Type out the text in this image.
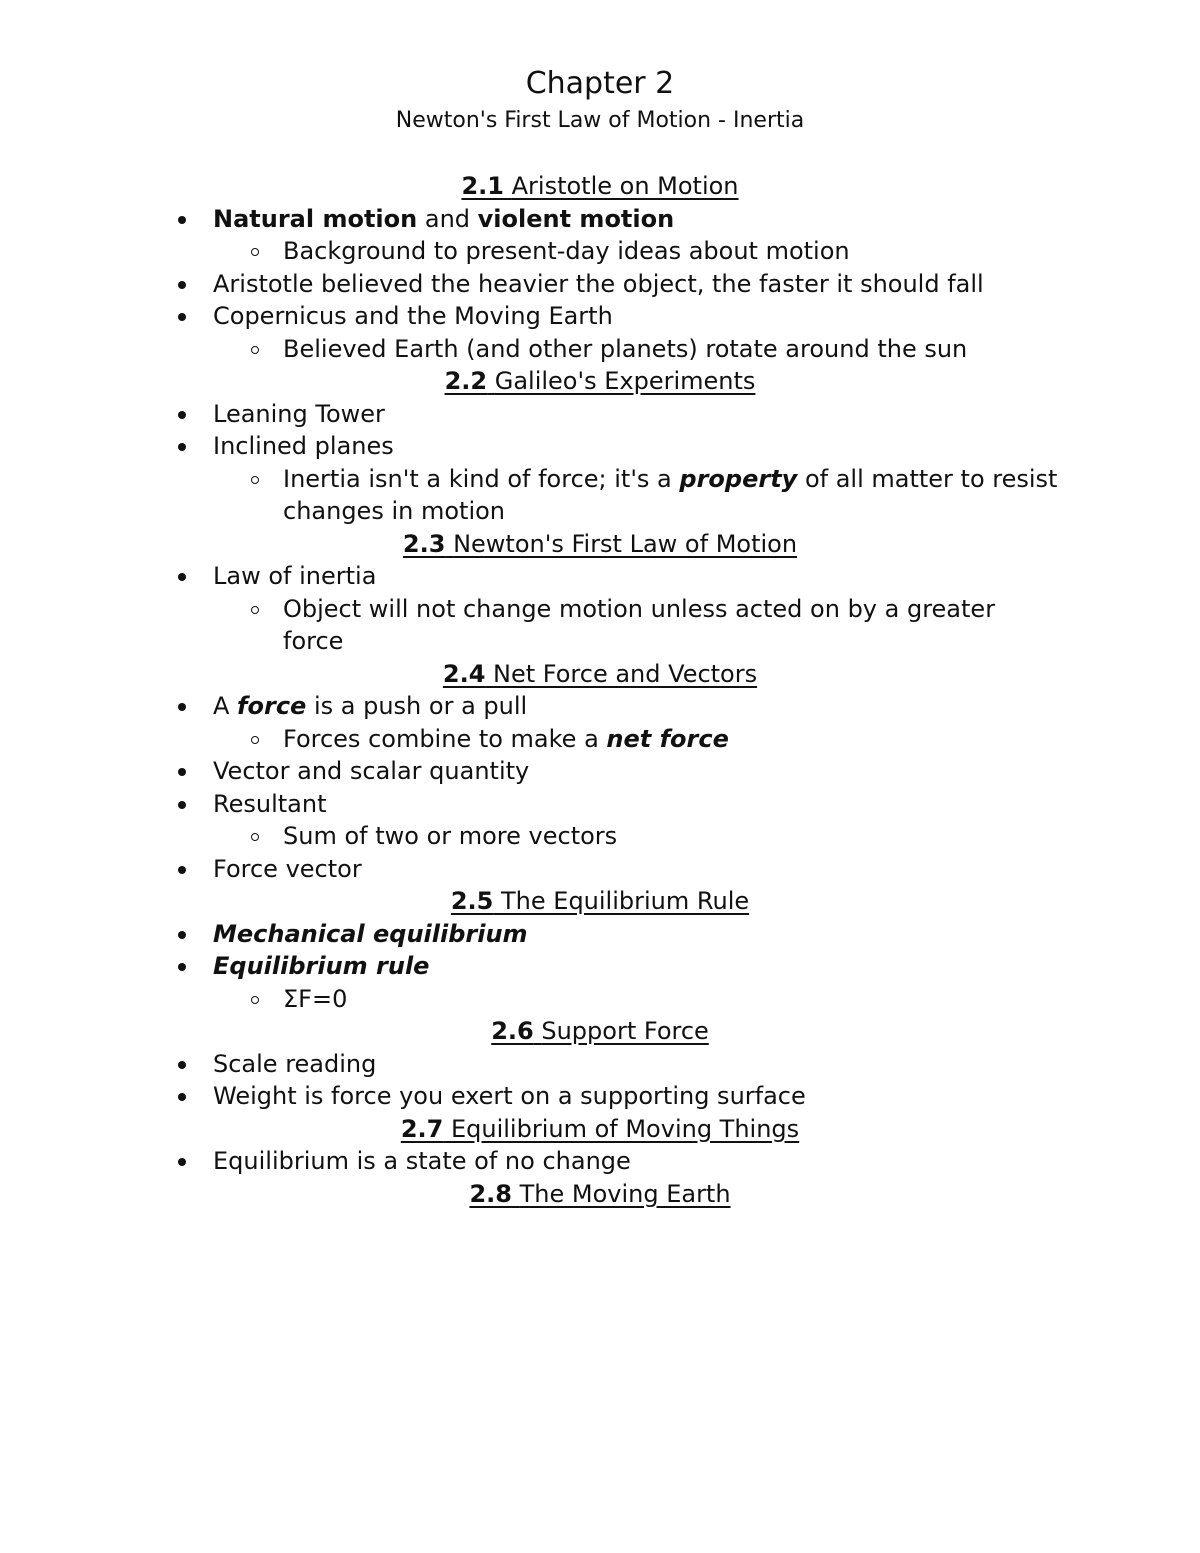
Chapter 2
Newton's First Law of Motion - Inertia
2.1 Aristotle on Motion
Natural motion and violent motion
Background to present-day ideas about motion
Aristotle believed the heavier the object, the faster it should fall
Copernicus and the Moving Earth
Believed Earth (and other planets) rotate around the sun
2.2 Galileo's Experiments
Leaning Tower
Inclined planes
Inertia isn't a kind of force; it's a property of all matter to resist
changes in motion
2.3 Newton's First Law of Motion
Law of inertia
Object will not change motion unless acted on by a greater
force
2.4 Net Force and Vectors
A force is a push or a pull
Forces combine to make a net force
Vector and scalar quantity
Resultant
Sum of two or more vectors
Force vector
2.5 The Equilibrium Rule
Mechanical equilibrium
Equilibrium rule
ΣF=0
2.6 Support Force
Scale reading
Weight is force you exert on a supporting surface
2.7 Equilibrium of Moving Things
Equilibrium is a state of no change
2.8 The Moving Earth
